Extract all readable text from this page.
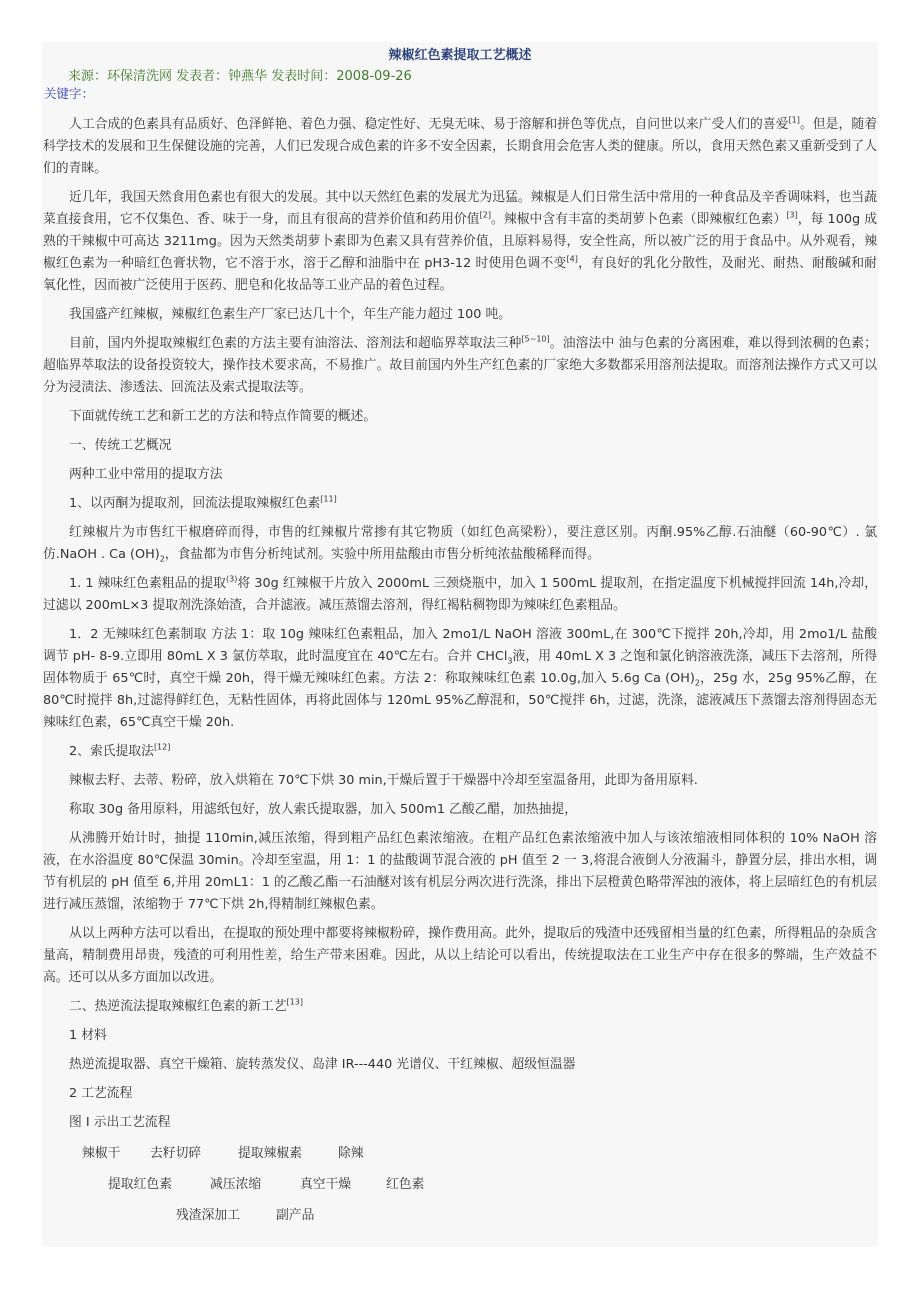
辣椒红色素提取工艺概述
来源：环保清洗网 发表者：钟燕华 发表时间：2008-09-26
关键字：

人工合成的色素具有品质好、色泽鲜艳、着色力强、稳定性好、无臭无味、易于溶解和拼色等优点，自问世以来广受人们的喜爱[1]。但是，随着科学技术的发展和卫生保健设施的完善，人们已发现合成色素的许多不安全因素，长期食用会危害人类的健康。所以，食用天然色素又重新受到了人们的青睐。

近几年，我国天然食用色素也有很大的发展。其中以天然红色素的发展尤为迅猛。辣椒是人们日常生活中常用的一种食品及辛香调味料，也当蔬菜直接食用，它不仅集色、香、味于一身，而且有很高的营养价值和药用价值[2]。辣椒中含有丰富的类胡萝卜色素（即辣椒红色素）[3]，每 100g 成熟的干辣椒中可高达 3211mg。因为天然类胡萝卜素即为色素又具有营养价值，且原料易得，安全性高，所以被广泛的用于食品中。从外观看，辣椒红色素为一种暗红色膏状物，它不溶于水，溶于乙醇和油脂中在 pH3-12 时使用色调不变[4]，有良好的乳化分散性，及耐光、耐热、耐酸碱和耐氧化性，因而被广泛使用于医药、肥皂和化妆品等工业产品的着色过程。

我国盛产红辣椒，辣椒红色素生产厂家已达几十个，年生产能力超过 100 吨。

目前，国内外提取辣椒红色素的方法主要有油溶法、溶剂法和超临界萃取法三种[5~10]。油溶法中 油与色素的分离困难，难以得到浓稠的色素；超临界萃取法的设备投资较大，操作技术要求高，不易推广。故目前国内外生产红色素的厂家绝大多数都采用溶剂法提取。而溶剂法操作方式又可以分为浸渍法、渗透法、回流法及索式提取法等。

下面就传统工艺和新工艺的方法和特点作简要的概述。

一、传统工艺概况

两种工业中常用的提取方法

1、以丙酮为提取剂，回流法提取辣椒红色素[11]

红辣椒片为市售红干椒磨碎而得，市售的红辣椒片常掺有其它物质（如红色高梁粉），要注意区别。丙酮.95%乙醇.石油醚（60-90℃）. 氯仿.NaOH . Ca $(OH)_2$，食盐都为市售分析纯试剂。实验中所用盐酸由市售分析纯浓盐酸稀释而得。

1. 1 辣味红色素粗品的提取$^{(3)}$将 30g 红辣椒干片放入 2000mL 三颈烧瓶中，加入 1 500mL 提取剂，在指定温度下机械搅拌回流 14h,冷却，过滤以 200mL×3 提取剂洗涤始渣，合并滤液。减压蒸馏去溶剂，得红褐粘稠物即为辣味红色素粗品。

1．2 无辣味红色素制取 方法 1：取 10g 辣味红色素粗品，加入 2mo1/L NaOH 溶液 300mL,在 300℃下搅拌 20h,冷却，用 2mo1/L 盐酸调节 pH- 8-9.立即用 80mL X 3 氯仿萃取，此时温度宜在 40℃左右。合并 CHCl$_3$液，用 40mL X 3 之饱和氯化钠溶液洗涤，减压下去溶剂，所得固体物质于 65℃时，真空干燥 20h，得干燥无辣味红色素。方法 2：称取辣味红色素 10.0g,加入 5.6g Ca $(OH)_2$，25g 水，25g 95%乙醇，在 80℃时搅拌 8h,过滤得鲜红色，无粘性固体，再将此固体与 120mL 95%乙醇混和，50℃搅拌 6h，过滤，洗涤，滤液减压下蒸馏去溶剂得固态无辣味红色素，65℃真空干燥 20h.

2、索氏提取法[12]

辣椒去籽、去蒂、粉碎，放入烘箱在 70℃下烘 30 min,干燥后置于干燥器中冷却至室温备用，此即为备用原料.

称取 30g 备用原料，用滤纸包好，放人索氏提取器，加入 500m1 乙酸乙醋，加热抽提，

从沸腾开始计时，抽提 110min,减压浓缩，得到粗产品红色素浓缩液。在粗产品红色素浓缩液中加人与该浓缩液相同体积的 10% NaOH 溶液，在水浴温度 80℃保温 30min。冷却至室温，用 1：1 的盐酸调节混合液的 pH 值至 2 一 3,将混合液倒人分液漏斗，静置分层，排出水相，调节有机层的 pH 值至 6,并用 20mL1：1 的乙酸乙酯一石油醚对该有机层分两次进行洗涤，排出下层橙黄色略带浑浊的液体，将上层暗红色的有机层进行减压蒸馏，浓缩物于 77℃下烘 2h,得精制红辣椒色素。

从以上两种方法可以看出，在提取的预处理中都要将辣椒粉碎，操作费用高。此外，提取后的残渣中还残留相当量的红色素，所得粗品的杂质含量高，精制费用昂贵，残渣的可利用性差，给生产带来困难。因此，从以上结论可以看出，传统提取法在工业生产中存在很多的弊端，生产效益不高。还可以从多方面加以改进。

二、热逆流法提取辣椒红色素的新工艺[13]

1 材料

热逆流提取器、真空干燥箱、旋转蒸发仪、岛津 IR---440 光谱仪、干红辣椒、超级恒温器

2 工艺流程

图 I 示出工艺流程

辣椒干 去籽切碎	提取辣椒素	除辣
提取红色素	减压浓缩	真空干燥	红色素
残渣深加工	副产品
